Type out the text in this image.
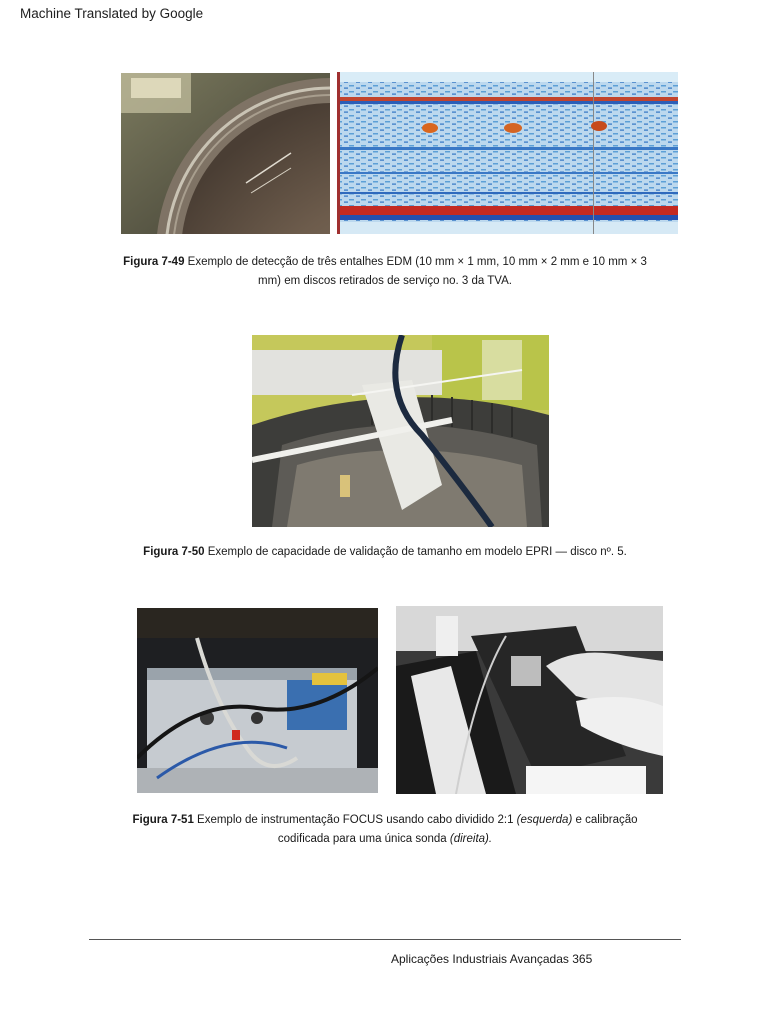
Machine Translated by Google
Figura 7-49 Exemplo de detecção de três entalhes EDM (10 mm × 1 mm, 10 mm × 2 mm e 10 mm × 3
mm) em discos retirados de serviço no. 3 da TVA.
Figura 7-50 Exemplo de capacidade de validação de tamanho em modelo EPRI — disco nº. 5.
Figura 7-51 Exemplo de instrumentação FOCUS usando cabo dividido 2:1 (esquerda) e calibração
codificada para uma única sonda (direita).
Aplicações Industriais Avançadas 365
